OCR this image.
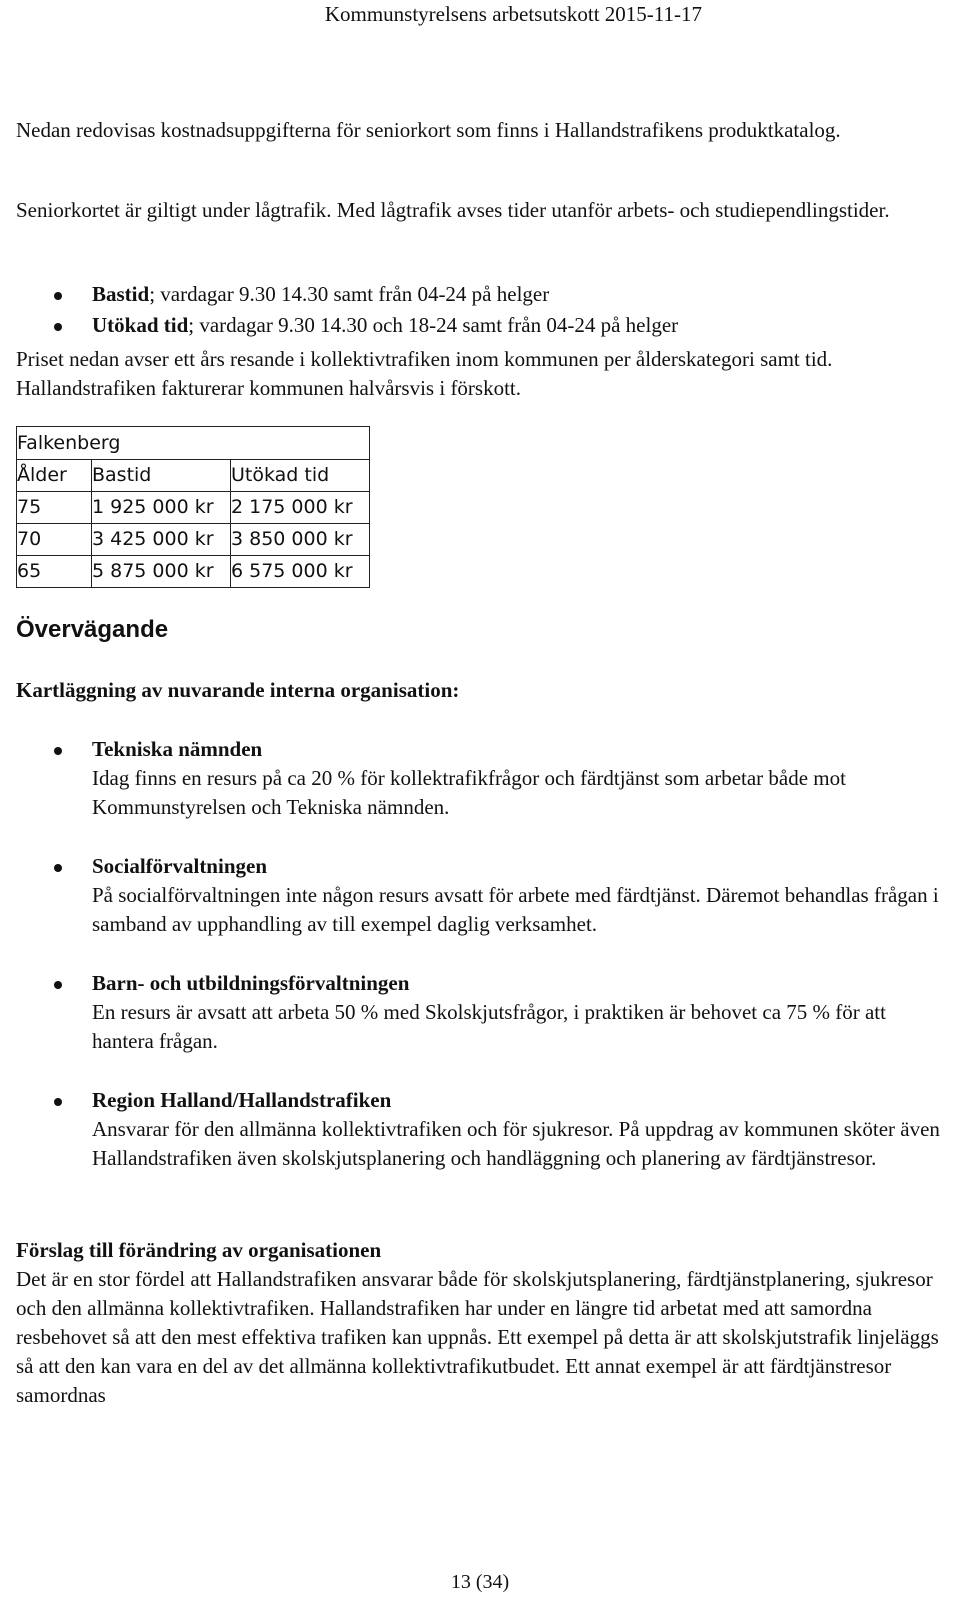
Kommunstyrelsens arbetsutskott 2015-11-17

Nedan redovisas kostnadsuppgifterna för seniorkort som finns i Hallandstrafikens produktkatalog.

Seniorkortet är giltigt under lågtrafik. Med lågtrafik avses tider utanför arbets- och studiependlingstider.

Bastid; vardagar 9.30 14.30 samt från 04-24 på helger
Utökad tid; vardagar 9.30 14.30 och 18-24 samt från 04-24 på helger

Priset nedan avser ett års resande i kollektivtrafiken inom kommunen per ålderskategori samt tid. Hallandstrafiken fakturerar kommunen halvårsvis i förskott.

Falkenberg		
Ålder	Bastid	Utökad tid
75	1 925 000 kr	2 175 000 kr
70	3 425 000 kr	3 850 000 kr
65	5 875 000 kr	6 575 000 kr
Övervägande

Kartläggning av nuvarande interna organisation:

Tekniska nämnden
Idag finns en resurs på ca 20 % för kollektrafikfrågor och färdtjänst som arbetar både mot Kommunstyrelsen och Tekniska nämnden.
Socialförvaltningen
På socialförvaltningen inte någon resurs avsatt för arbete med färdtjänst. Däremot behandlas frågan i samband av upphandling av till exempel daglig verksamhet.
Barn- och utbildningsförvaltningen
En resurs är avsatt att arbeta 50 % med Skolskjutsfrågor, i praktiken är behovet ca 75 % för att hantera frågan.
Region Halland/Hallandstrafiken
Ansvarar för den allmänna kollektivtrafiken och för sjukresor. På uppdrag av kommunen sköter även Hallandstrafiken även skolskjutsplanering och handläggning och planering av färdtjänstresor.

Förslag till förändring av organisationen

Det är en stor fördel att Hallandstrafiken ansvarar både för skolskjutsplanering, färdtjänstplanering, sjukresor och den allmänna kollektivtrafiken. Hallandstrafiken har under en längre tid arbetat med att samordna resbehovet så att den mest effektiva trafiken kan uppnås. Ett exempel på detta är att skolskjutstrafik linjeläggs så att den kan vara en del av det allmänna kollektivtrafikutbudet. Ett annat exempel är att färdtjänstresor samordnas

13 (34)
